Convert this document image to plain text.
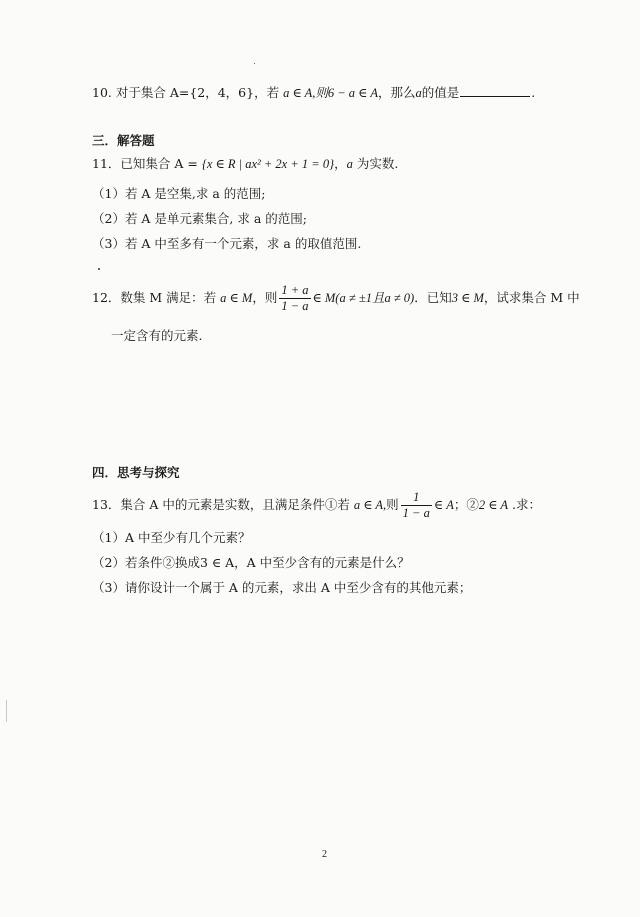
10. 对于集合 A={2，4，6}，若 a ∈ A,则6 − a ∈ A，那么a的值是	.
三．解答题
11．已知集合 A = {x ∈ R | ax² + 2x + 1 = 0}，a 为实数.
（1）若 A 是空集,求 a 的范围;
（2）若 A 是单元素集合, 求 a 的范围;
（3）若 A 中至多有一个元素，求 a 的取值范围.
12．数集 M 满足：若 a ∈ M，则 $\frac{1 + a}{1 - a}$ ∈ M(a ≠ ±1且a ≠ 0)．已知3 ∈ M，试求集合 M 中
一定含有的元素.
四．思考与探究
13．集合 A 中的元素是实数，且满足条件①若 a ∈ A,则 $\frac{1}{1 - a}$ ∈ A；②2 ∈ A .求：
（1）A 中至少有几个元素？
（2）若条件②换成3 ∈ A，A 中至少含有的元素是什么？
（3）请你设计一个属于 A 的元素，求出 A 中至少含有的其他元素；
2
